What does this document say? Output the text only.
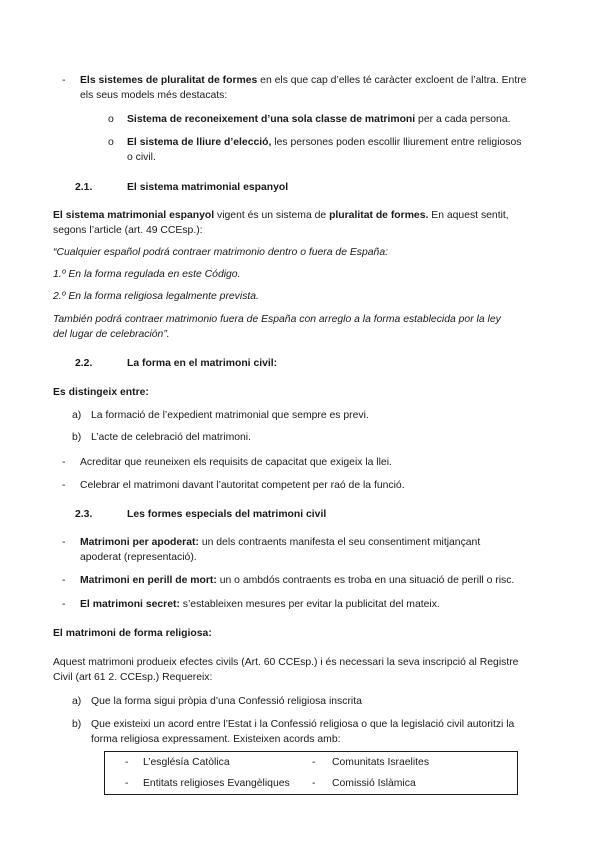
- Els sistemes de pluralitat de formes en els que cap d’elles té caràcter excloent de l’altra. Entre
els seus models més destacats:
o Sistema de reconeixement d’una sola classe de matrimoni per a cada persona.
o El sistema de lliure d’elecció, les persones poden escollir lliurement entre religiosos
o civil.
2.1.	El sistema matrimonial espanyol
El sistema matrimonial espanyol vigent és un sistema de pluralitat de formes. En aquest sentit,
segons l’article (art. 49 CCEsp.):
“Cualquier español podrá contraer matrimonio dentro o fuera de España:
1.º En la forma regulada en este Código.
2.º En la forma religiosa legalmente prevista.
También podrá contraer matrimonio fuera de España con arreglo a la forma establecida por la ley
del lugar de celebración”.
2.2.	La forma en el matrimoni civil:
Es distingeix entre:
a) La formació de l’expedient matrimonial que sempre es previ.
b) L’acte de celebració del matrimoni.
- Acreditar que reuneixen els requisits de capacitat que exigeix la llei.
- Celebrar el matrimoni davant l’autoritat competent per raó de la funció.
2.3.	Les formes especials del matrimoni civil
- Matrimoni per apoderat: un dels contraents manifesta el seu consentiment mitjançant
apoderat (representació).
- Matrimoni en perill de mort: un o ambdós contraents es troba en una situació de perill o risc.
- El matrimoni secret: s’estableixen mesures per evitar la publicitat del mateix.
El matrimoni de forma religiosa:
Aquest matrimoni produeix efectes civils (Art. 60 CCEsp.) i és necessari la seva inscripció al Registre
Civil (art 61 2. CCEsp.) Requereix:
a) Que la forma sigui pròpia d’una Confessió religiosa inscrita
b) Que existeixi un acord entre l’Estat i la Confessió religiosa o que la legislació civil autoritzi la
forma religiosa expressament. Existeixen acords amb:
- L’esglésía Catòlica	- Comunitats Israelites
- Entitats religioses Evangèliques	- Comissió Islàmica
